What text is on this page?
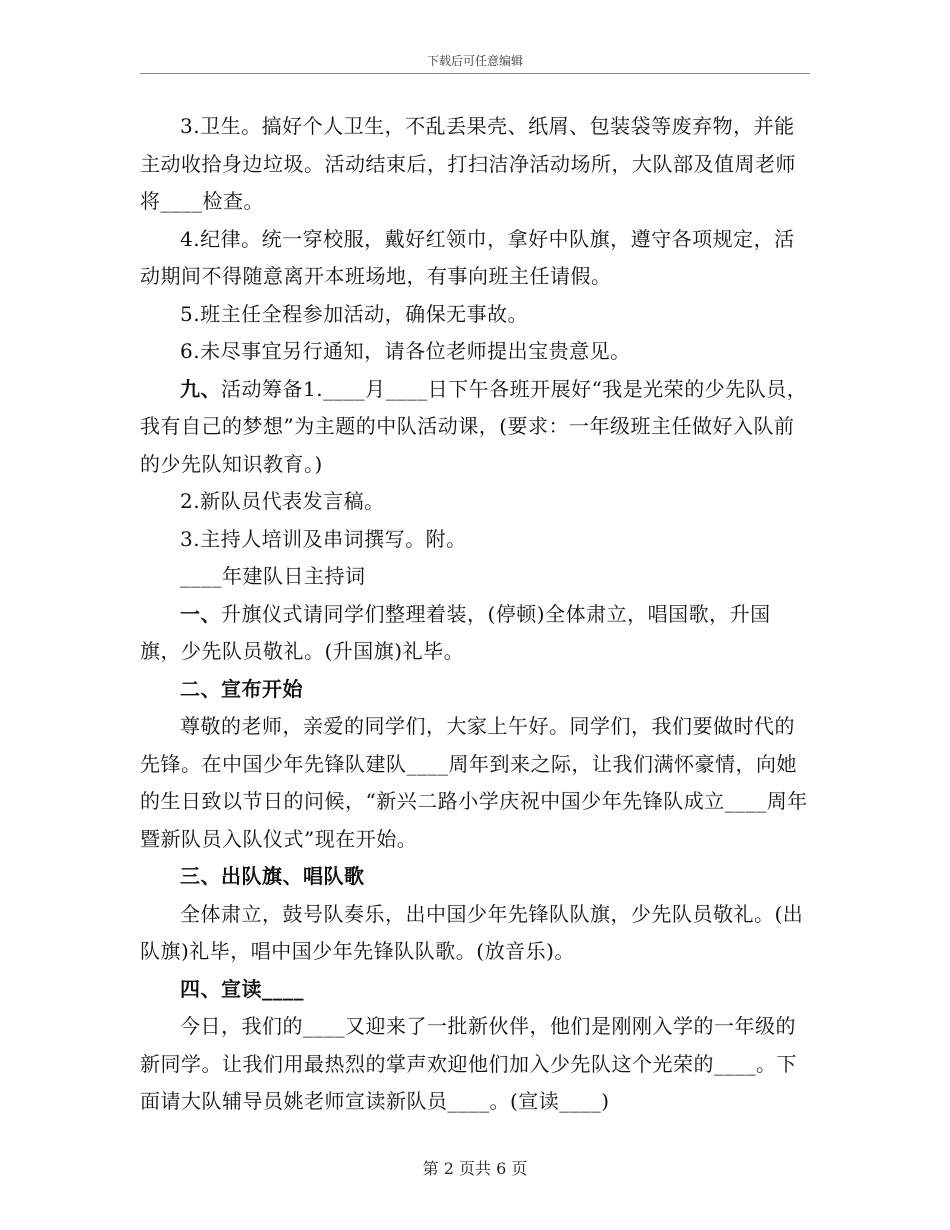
下载后可任意编辑

3.卫生。搞好个人卫生，不乱丢果壳、纸屑、包装袋等废弃物，并能主动收拾身边垃圾。活动结束后，打扫洁净活动场所，大队部及值周老师将____检查。

4.纪律。统一穿校服，戴好红领巾，拿好中队旗，遵守各项规定，活动期间不得随意离开本班场地，有事向班主任请假。

5.班主任全程参加活动，确保无事故。

6.未尽事宜另行通知，请各位老师提出宝贵意见。

九、活动筹备1.____月____日下午各班开展好“我是光荣的少先队员，我有自己的梦想”为主题的中队活动课，(要求：一年级班主任做好入队前的少先队知识教育。)

2.新队员代表发言稿。

3.主持人培训及串词撰写。附。

____年建队日主持词

一、升旗仪式请同学们整理着装，(停顿)全体肃立，唱国歌，升国旗，少先队员敬礼。(升国旗)礼毕。

二、宣布开始

尊敬的老师，亲爱的同学们，大家上午好。同学们，我们要做时代的先锋。在中国少年先锋队建队____周年到来之际，让我们满怀豪情，向她的生日致以节日的问候，“新兴二路小学庆祝中国少年先锋队成立____周年暨新队员入队仪式”现在开始。

三、出队旗、唱队歌

全体肃立，鼓号队奏乐，出中国少年先锋队队旗，少先队员敬礼。(出队旗)礼毕，唱中国少年先锋队队歌。(放音乐)。

四、宣读____

今日，我们的____又迎来了一批新伙伴，他们是刚刚入学的一年级的新同学。让我们用最热烈的掌声欢迎他们加入少先队这个光荣的____。下面请大队辅导员姚老师宣读新队员____。(宣读____)

第 2 页共 6 页
